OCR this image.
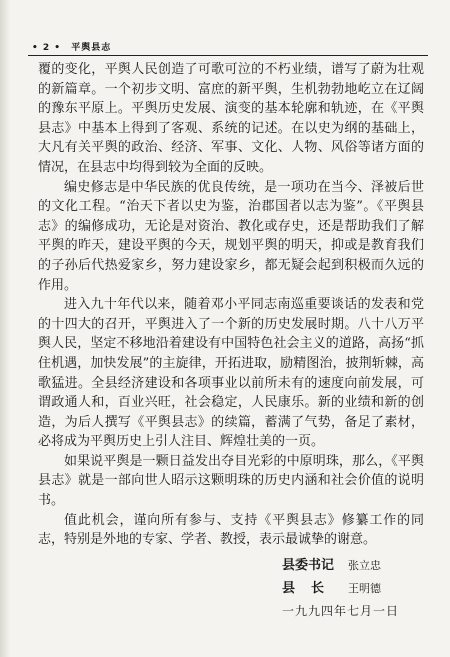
• 2 • 平舆县志

覆的变化，平舆人民创造了可歌可泣的不朽业绩，谱写了蔚为壮观的新篇章。一个初步文明、富庶的新平舆，生机勃勃地屹立在辽阔的豫东平原上。平舆历史发展、演变的基本轮廓和轨迹，在《平舆县志》中基本上得到了客观、系统的记述。在以史为纲的基础上，大凡有关平舆的政治、经济、军事、文化、人物、风俗等诸方面的情况，在县志中均得到较为全面的反映。

编史修志是中华民族的优良传统，是一项功在当今、泽被后世的文化工程。“治天下者以史为鉴，治郡国者以志为鉴”。《平舆县志》的编修成功，无论是对资治、教化或存史，还是帮助我们了解平舆的昨天，建设平舆的今天，规划平舆的明天，抑或是教育我们的子孙后代热爱家乡，努力建设家乡，都无疑会起到积极而久远的作用。

进入九十年代以来，随着邓小平同志南巡重要谈话的发表和党的十四大的召开，平舆进入了一个新的历史发展时期。八十八万平舆人民，坚定不移地沿着建设有中国特色社会主义的道路，高扬“抓住机遇，加快发展”的主旋律，开拓进取，励精图治，披荆斩棘，高歌猛进。全县经济建设和各项事业以前所未有的速度向前发展，可谓政通人和，百业兴旺，社会稳定，人民康乐。新的业绩和新的创造，为后人撰写《平舆县志》的续篇，蓄满了气势，备足了素材，必将成为平舆历史上引人注目、辉煌壮美的一页。

如果说平舆是一颗日益发出夺目光彩的中原明珠，那么，《平舆县志》就是一部向世人昭示这颗明珠的历史内涵和社会价值的说明书。

值此机会，谨向所有参与、支持《平舆县志》修纂工作的同志，特别是外地的专家、学者、教授，表示最诚挚的谢意。

县委书记	张立忠
县长 王明德
一九九四年七月一日
